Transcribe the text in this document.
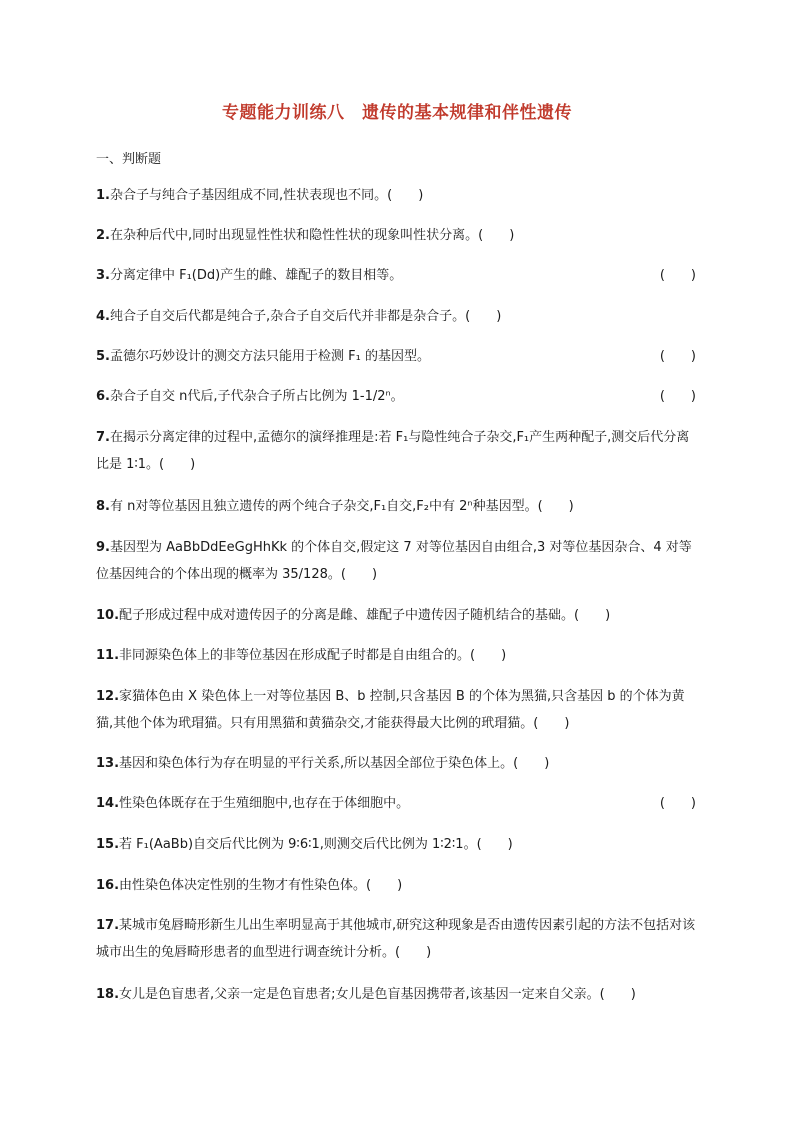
专题能力训练八　遗传的基本规律和伴性遗传
一、判断题
1.杂合子与纯合子基因组成不同,性状表现也不同。(　　)
2.在杂种后代中,同时出现显性性状和隐性性状的现象叫性状分离。(　　)
3.分离定律中 F₁(Dd)产生的雌、雄配子的数目相等。	(　　)
4.纯合子自交后代都是纯合子,杂合子自交后代并非都是杂合子。(　　)
5.孟德尔巧妙设计的测交方法只能用于检测 F₁ 的基因型。	(　　)
6.杂合子自交 n代后,子代杂合子所占比例为 1-1/2ⁿ。	(　　)
7.在揭示分离定律的过程中,孟德尔的演绎推理是:若 F₁与隐性纯合子杂交,F₁产生两种配子,测交后代分离比是 1∶1。(　　)
8.有 n对等位基因且独立遗传的两个纯合子杂交,F₁自交,F₂中有 2ⁿ种基因型。(　　)
9.基因型为 AaBbDdEeGgHhKk 的个体自交,假定这 7 对等位基因自由组合,3 对等位基因杂合、4 对等位基因纯合的个体出现的概率为 35/128。(　　)
10.配子形成过程中成对遗传因子的分离是雌、雄配子中遗传因子随机结合的基础。(　　)
11.非同源染色体上的非等位基因在形成配子时都是自由组合的。(　　)
12.家猫体色由 X 染色体上一对等位基因 B、b 控制,只含基因 B 的个体为黑猫,只含基因 b 的个体为黄猫,其他个体为玳瑁猫。只有用黑猫和黄猫杂交,才能获得最大比例的玳瑁猫。(　　)
13.基因和染色体行为存在明显的平行关系,所以基因全部位于染色体上。(　　)
14.性染色体既存在于生殖细胞中,也存在于体细胞中。	(　　)
15.若 F₁(AaBb)自交后代比例为 9∶6∶1,则测交后代比例为 1∶2∶1。(　　)
16.由性染色体决定性别的生物才有性染色体。(　　)
17.某城市兔唇畸形新生儿出生率明显高于其他城市,研究这种现象是否由遗传因素引起的方法不包括对该城市出生的兔唇畸形患者的血型进行调查统计分析。(　　)
18.女儿是色盲患者,父亲一定是色盲患者;女儿是色盲基因携带者,该基因一定来自父亲。(　　)
